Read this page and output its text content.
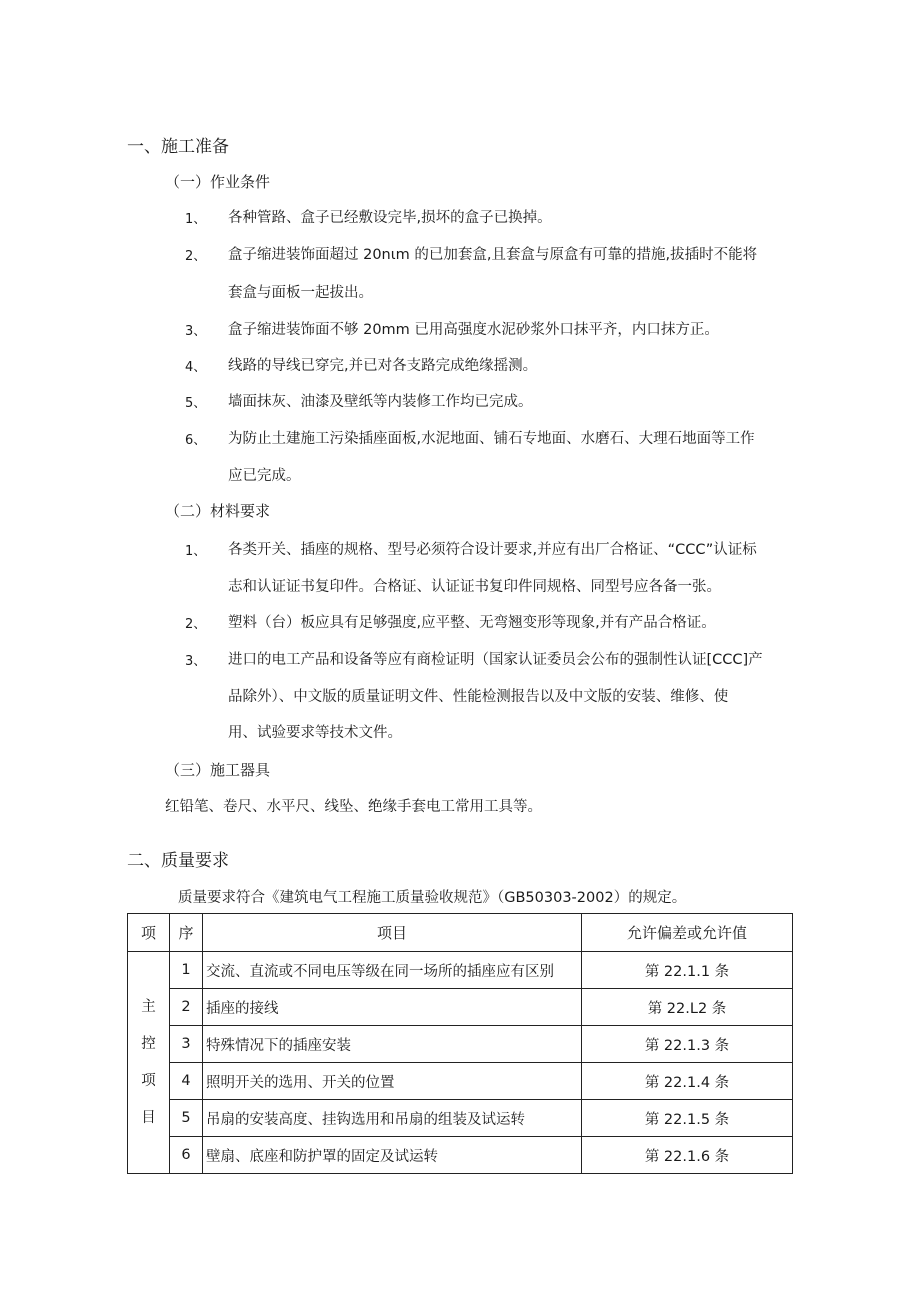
一、施工准备
（一）作业条件
1、 各种管路、盒子已经敷设完毕,损坏的盒子已换掉。
2、 盒子缩进装饰面超过 20nιm 的已加套盒,且套盒与原盒有可靠的措施,拔插时不能将
套盒与面板一起拔出。
3、 盒子缩进装饰面不够 20mm 已用高强度水泥砂浆外口抹平齐，内口抹方正。
4、 线路的导线已穿完,并已对各支路完成绝缘摇测。
5、 墙面抹灰、油漆及壁纸等内装修工作均已完成。
6、 为防止土建施工污染插座面板,水泥地面、铺石专地面、水磨石、大理石地面等工作
应已完成。
（二）材料要求
1、 各类开关、插座的规格、型号必须符合设计要求,并应有出厂合格证、“CCC”认证标
志和认证证书复印件。合格证、认证证书复印件同规格、同型号应各备一张。
2、 塑料（台）板应具有足够强度,应平整、无弯翘变形等现象,并有产品合格证。
3、 进口的电工产品和设备等应有商检证明（国家认证委员会公布的强制性认证[CCC]产
品除外）、中文版的质量证明文件、性能检测报告以及中文版的安装、维修、使
用、试验要求等技术文件。
（三）施工器具
红铅笔、卷尺、水平尺、线坠、绝缘手套电工常用工具等。
二、质量要求
质量要求符合《建筑电气工程施工质量验收规范》（GB50303-2002）的规定。
项	序	项目	允许偏差或允许值

主
控
项
目	1	交流、直流或不同电压等级在同一场所的插座应有区别	第 22.1.1 条
	2	插座的接线	第 22.L2 条
	3	特殊情况下的插座安装	第 22.1.3 条
	4	照明开关的选用、开关的位置	第 22.1.4 条
	5	吊扇的安装高度、挂钩选用和吊扇的组装及试运转	第 22.1.5 条
	6	壁扇、底座和防护罩的固定及试运转	第 22.1.6 条
